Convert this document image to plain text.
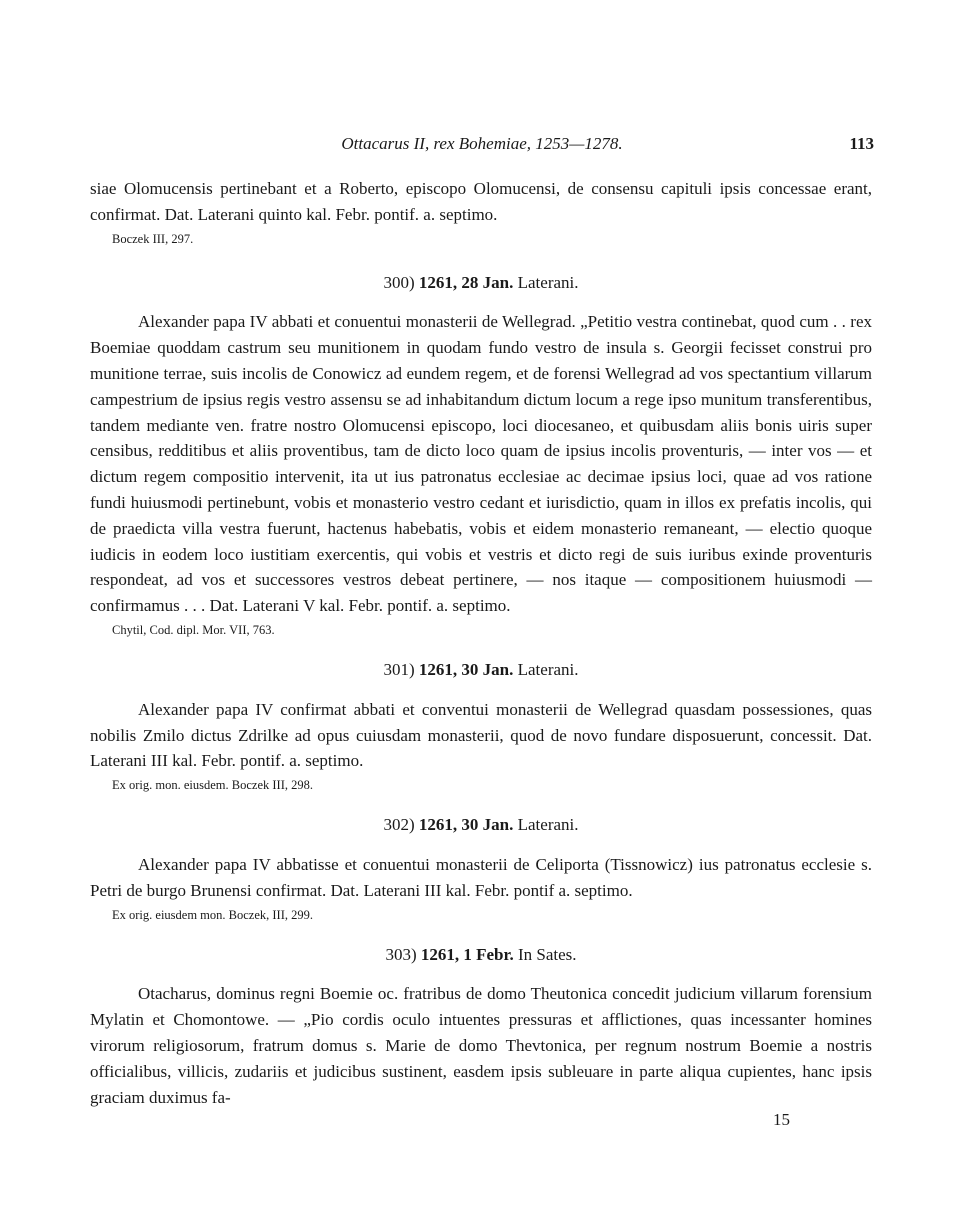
Ottacarus II, rex Bohemiae, 1253—1278.	113

siae Olomucensis pertinebant et a Roberto, episcopo Olomucensi, de consensu capituli ipsis concessae erant, confirmat. Dat. Laterani quinto kal. Febr. pontif. a. septimo.

Boczek III, 297.

300) 1261, 28 Jan. Laterani.

Alexander papa IV abbati et conuentui monasterii de Wellegrad. „Petitio vestra continebat, quod cum . . rex Boemiae quoddam castrum seu munitionem in quodam fundo vestro de insula s. Georgii fecisset construi pro munitione terrae, suis incolis de Conowicz ad eundem regem, et de forensi Wellegrad ad vos spectantium villarum campestrium de ipsius regis vestro assensu se ad inhabitandum dictum locum a rege ipso munitum transferentibus, tandem mediante ven. fratre nostro Olomucensi episcopo, loci diocesaneo, et quibusdam aliis bonis uiris super censibus, redditibus et aliis proventibus, tam de dicto loco quam de ipsius incolis proventuris, — inter vos — et dictum regem compositio intervenit, ita ut ius patronatus ecclesiae ac decimae ipsius loci, quae ad vos ratione fundi huiusmodi pertinebunt, vobis et monasterio vestro cedant et iurisdictio, quam in illos ex prefatis incolis, qui de praedicta villa vestra fuerunt, hactenus habebatis, vobis et eidem monasterio remaneant, — electio quoque iudicis in eodem loco iustitiam exercentis, qui vobis et vestris et dicto regi de suis iuribus exinde proventuris respondeat, ad vos et successores vestros debeat pertinere, — nos itaque — compositionem huiusmodi — confirmamus . . . Dat. Laterani V kal. Febr. pontif. a. septimo.

Chytil, Cod. dipl. Mor. VII, 763.

301) 1261, 30 Jan. Laterani.

Alexander papa IV confirmat abbati et conventui monasterii de Wellegrad quasdam possessiones, quas nobilis Zmilo dictus Zdrilke ad opus cuiusdam monasterii, quod de novo fundare disposuerunt, concessit. Dat. Laterani III kal. Febr. pontif. a. septimo.

Ex orig. mon. eiusdem. Boczek III, 298.

302) 1261, 30 Jan. Laterani.

Alexander papa IV abbatisse et conuentui monasterii de Celiporta (Tissnowicz) ius patronatus ecclesie s. Petri de burgo Brunensi confirmat. Dat. Laterani III kal. Febr. pontif a. septimo.

Ex orig. eiusdem mon. Boczek, III, 299.

303) 1261, 1 Febr. In Sates.

Otacharus, dominus regni Boemie oc. fratribus de domo Theutonica concedit judicium villarum forensium Mylatin et Chomontowe. — „Pio cordis oculo intuentes pressuras et afflictiones, quas incessanter homines virorum religiosorum, fratrum domus s. Marie de domo Thevtonica, per regnum nostrum Boemie a nostris officialibus, villicis, zudariis et judicibus sustinent, easdem ipsis subleuare in parte aliqua cupientes, hanc ipsis graciam duximus fa-

15
